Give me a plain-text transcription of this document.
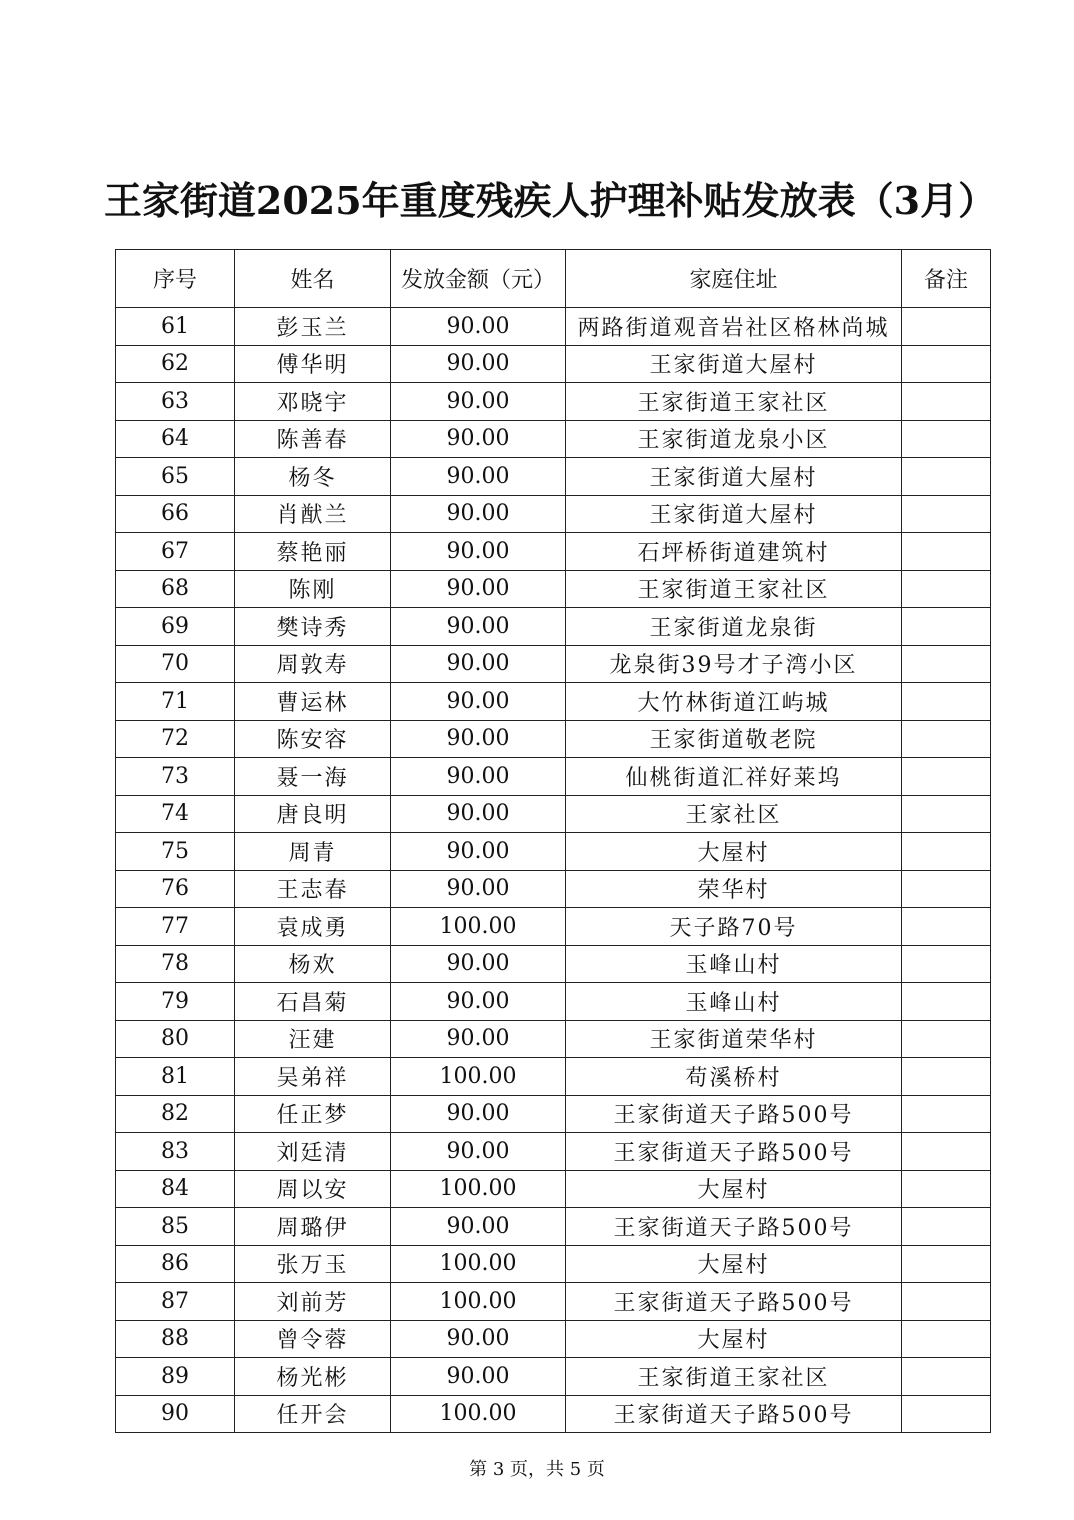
王家街道2025年重度残疾人护理补贴发放表（3月）
序号	姓名	发放金额（元）	家庭住址	备注
61	彭玉兰	90.00	两路街道观音岩社区格林尚城	
62	傅华明	90.00	王家街道大屋村	
63	邓晓宇	90.00	王家街道王家社区	
64	陈善春	90.00	王家街道龙泉小区	
65	杨冬	90.00	王家街道大屋村	
66	肖猷兰	90.00	王家街道大屋村	
67	蔡艳丽	90.00	石坪桥街道建筑村	
68	陈刚	90.00	王家街道王家社区	
69	樊诗秀	90.00	王家街道龙泉街	
70	周敦寿	90.00	龙泉街39号才子湾小区	
71	曹运林	90.00	大竹林街道江屿城	
72	陈安容	90.00	王家街道敬老院	
73	聂一海	90.00	仙桃街道汇祥好莱坞	
74	唐良明	90.00	王家社区	
75	周青	90.00	大屋村	
76	王志春	90.00	荣华村	
77	袁成勇	100.00	天子路70号	
78	杨欢	90.00	玉峰山村	
79	石昌菊	90.00	玉峰山村	
80	汪建	90.00	王家街道荣华村	
81	吴弟祥	100.00	苟溪桥村	
82	任正梦	90.00	王家街道天子路500号	
83	刘廷清	90.00	王家街道天子路500号	
84	周以安	100.00	大屋村	
85	周璐伊	90.00	王家街道天子路500号	
86	张万玉	100.00	大屋村	
87	刘前芳	100.00	王家街道天子路500号	
88	曾令蓉	90.00	大屋村	
89	杨光彬	90.00	王家街道王家社区	
90	任开会	100.00	王家街道天子路500号	
第 3 页，共 5 页
